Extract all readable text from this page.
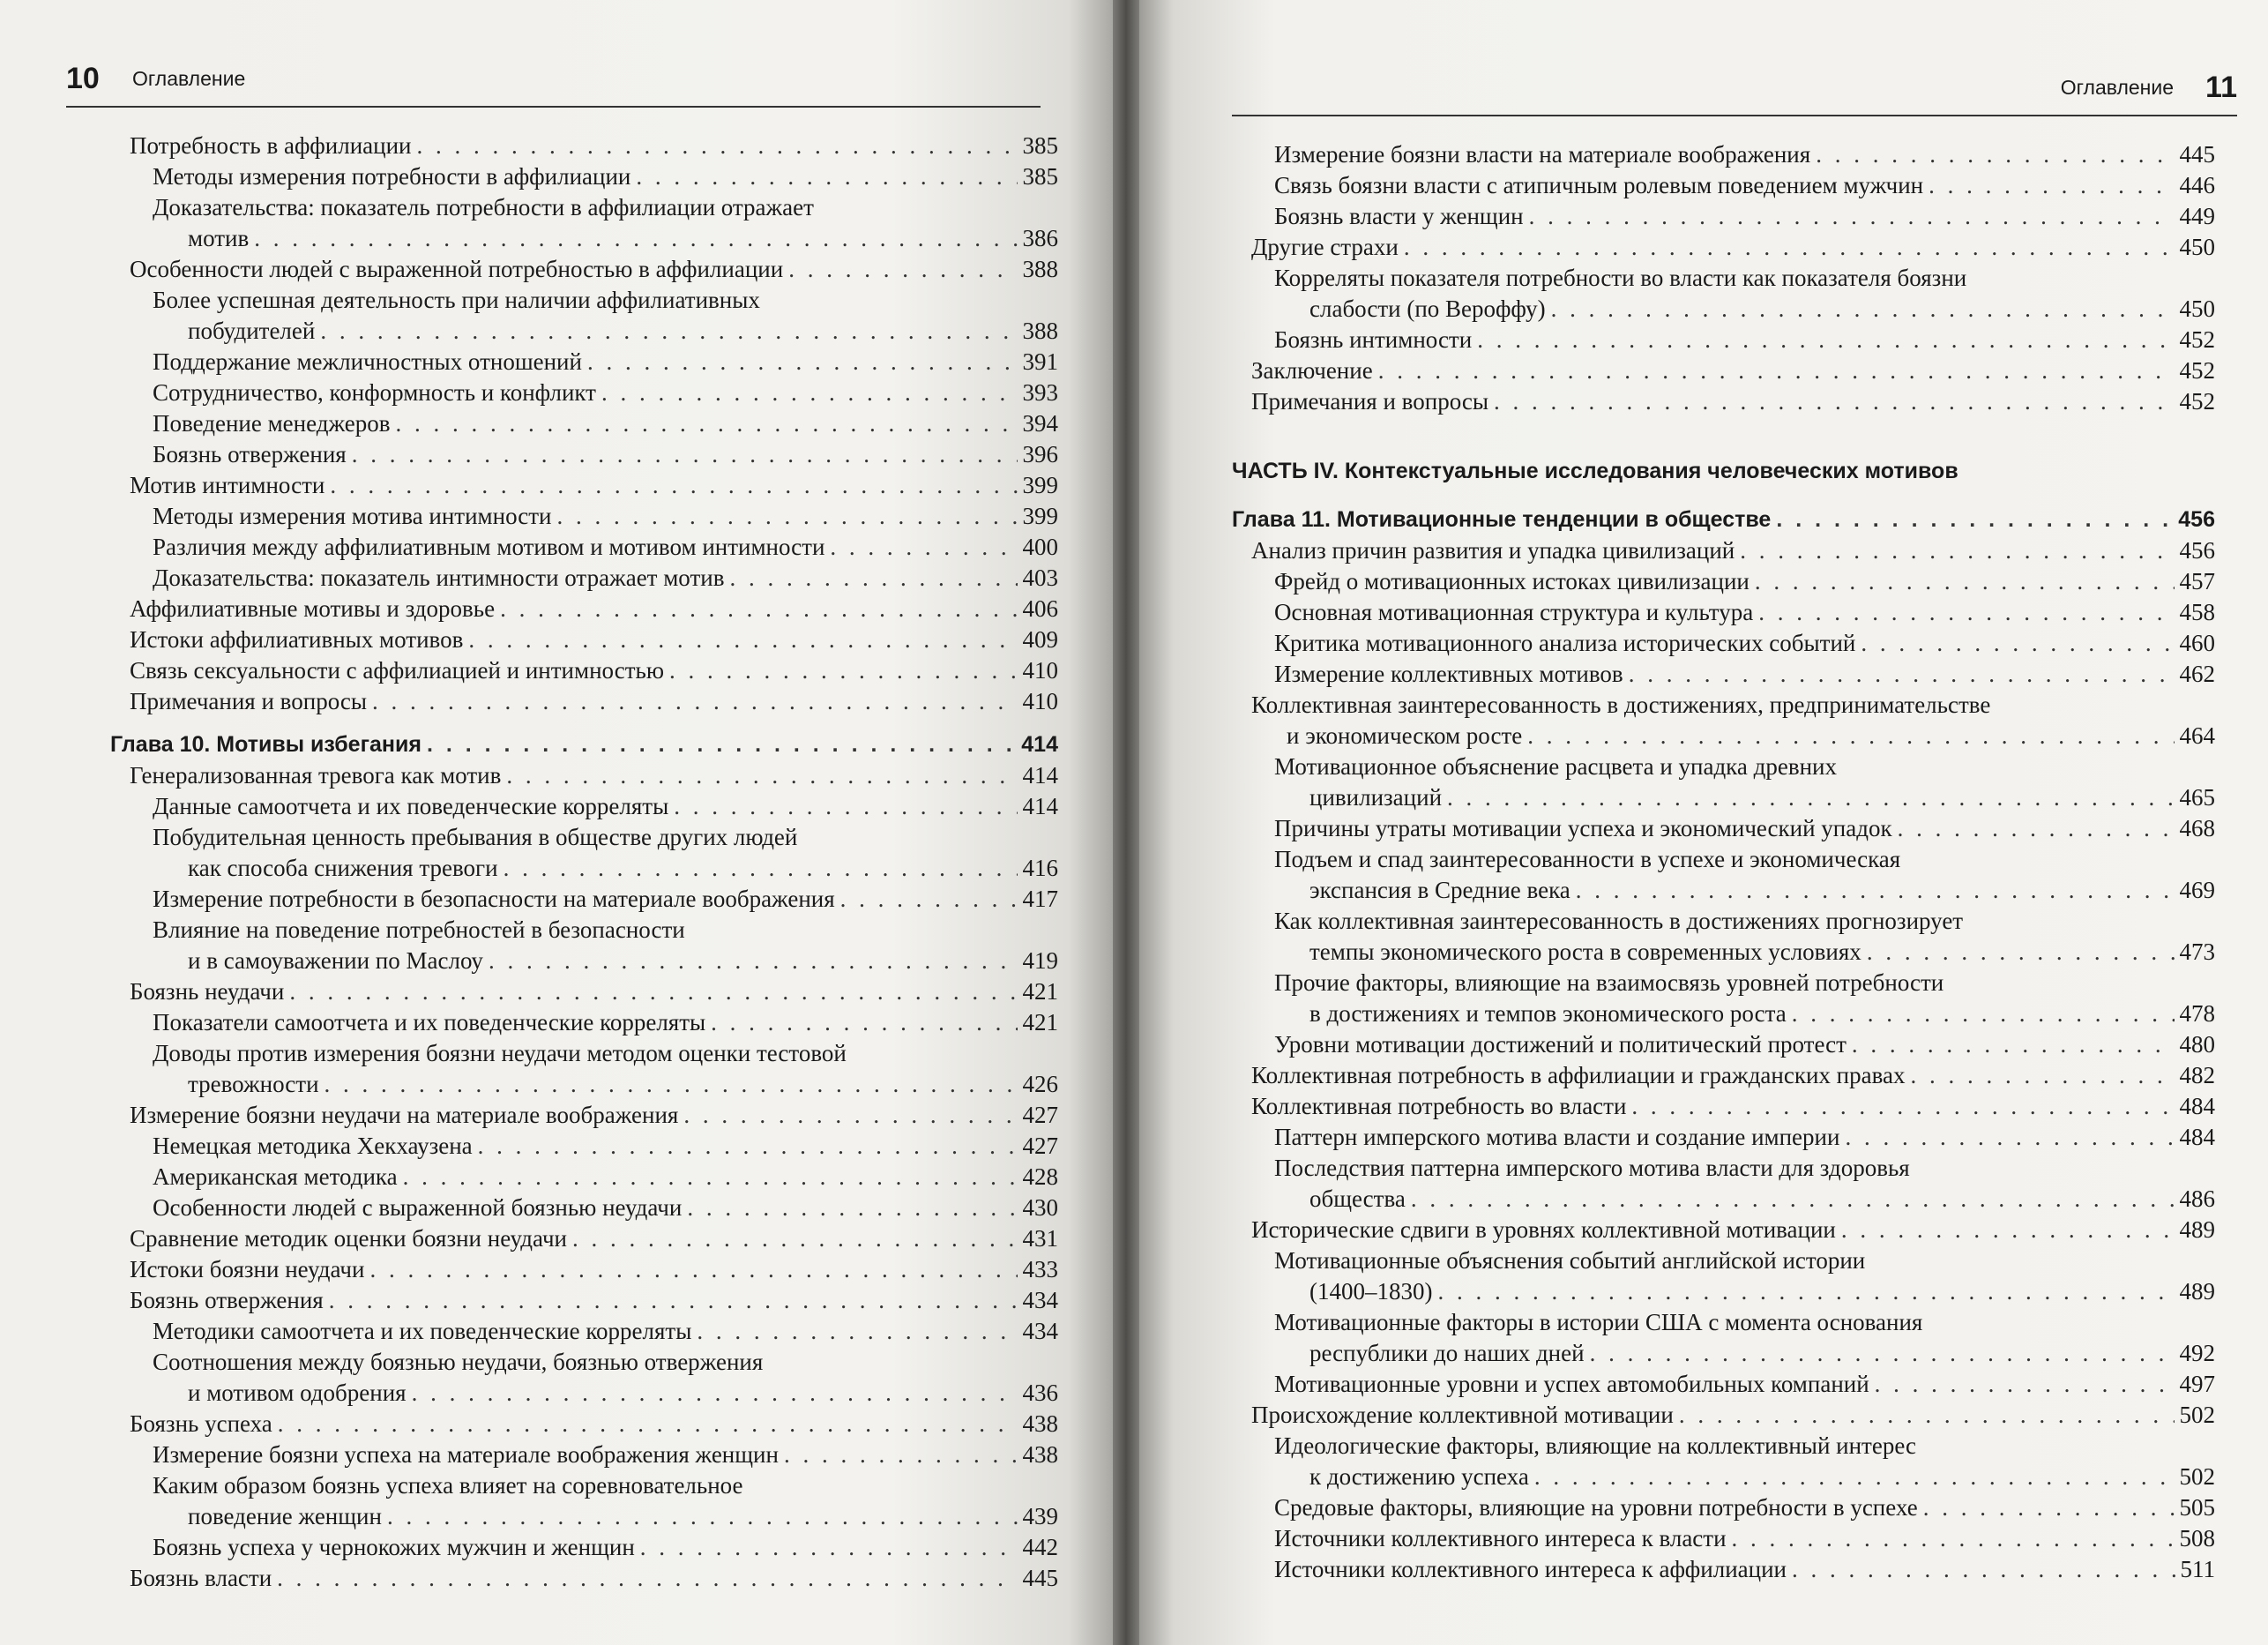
10 Оглавление
Потребность в аффилиации . . .	385
Методы измерения потребности в аффилиации . . .	385
Доказательства: показатель потребности в аффилиации отражает
мотив . . .	386
Особенности людей с выраженной потребностью в аффилиации . . .	388
Более успешная деятельность при наличии аффилиативных
побудителей . . .	388
Поддержание межличностных отношений . . .	391
Сотрудничество, конформность и конфликт . . .	393
Поведение менеджеров . . .	394
Боязнь отвержения . . .	396
Мотив интимности . . .	399
Методы измерения мотива интимности . . .	399
Различия между аффилиативным мотивом и мотивом интимности . . .	400
Доказательства: показатель интимности отражает мотив . . .	403
Аффилиативные мотивы и здоровье . . .	406
Истоки аффилиативных мотивов . . .	409
Связь сексуальности с аффилиацией и интимностью . . .	410
Примечания и вопросы . . .	410
Глава 10. Мотивы избегания . . .	414
Генерализованная тревога как мотив . . .	414
Данные самоотчета и их поведенческие корреляты . . .	414
Побудительная ценность пребывания в обществе других людей
как способа снижения тревоги . . .	416
Измерение потребности в безопасности на материале воображения . . .	417
Влияние на поведение потребностей в безопасности
и в самоуважении по Маслоу . . .	419
Боязнь неудачи . . .	421
Показатели самоотчета и их поведенческие корреляты . . .	421
Доводы против измерения боязни неудачи методом оценки тестовой
тревожности . . .	426
Измерение боязни неудачи на материале воображения . . .	427
Немецкая методика Хекхаузена . . .	427
Американская методика . . .	428
Особенности людей с выраженной боязнью неудачи . . .	430
Сравнение методик оценки боязни неудачи . . .	431
Истоки боязни неудачи . . .	433
Боязнь отвержения . . .	434
Методики самоотчета и их поведенческие корреляты . . .	434
Соотношения между боязнью неудачи, боязнью отвержения
и мотивом одобрения . . .	436
Боязнь успеха . . .	438
Измерение боязни успеха на материале воображения женщин . . .	438
Каким образом боязнь успеха влияет на соревновательное
поведение женщин . . .	439
Боязнь успеха у чернокожих мужчин и женщин . . .	442
Боязнь власти . . .	445
Оглавление 11
Измерение боязни власти на материале воображения . . .	445
Связь боязни власти с атипичным ролевым поведением мужчин . . .	446
Боязнь власти у женщин . . .	449
Другие страхи . . .	450
Корреляты показателя потребности во власти как показателя боязни
слабости (по Вероффу) . . .	450
Боязнь интимности . . .	452
Заключение . . .	452
Примечания и вопросы . . .	452
ЧАСТЬ IV. Контекстуальные исследования человеческих мотивов
Глава 11. Мотивационные тенденции в обществе . . .	456
Анализ причин развития и упадка цивилизаций . . .	456
Фрейд о мотивационных истоках цивилизации . . .	457
Основная мотивационная структура и культура . . .	458
Критика мотивационного анализа исторических событий . . .	460
Измерение коллективных мотивов . . .	462
Коллективная заинтересованность в достижениях, предпринимательстве
и экономическом росте . . .	464
Мотивационное объяснение расцвета и упадка древних
цивилизаций . . .	465
Причины утраты мотивации успеха и экономический упадок . . .	468
Подъем и спад заинтересованности в успехе и экономическая
экспансия в Средние века . . .	469
Как коллективная заинтересованность в достижениях прогнозирует
темпы экономического роста в современных условиях . . .	473
Прочие факторы, влияющие на взаимосвязь уровней потребности
в достижениях и темпов экономического роста . . .	478
Уровни мотивации достижений и политический протест . . .	480
Коллективная потребность в аффилиации и гражданских правах . . .	482
Коллективная потребность во власти . . .	484
Паттерн имперского мотива власти и создание империи . . .	484
Последствия паттерна имперского мотива власти для здоровья
общества . . .	486
Исторические сдвиги в уровнях коллективной мотивации . . .	489
Мотивационные объяснения событий английской истории
(1400–1830) . . .	489
Мотивационные факторы в истории США с момента основания
республики до наших дней . . .	492
Мотивационные уровни и успех автомобильных компаний . . .	497
Происхождение коллективной мотивации . . .	502
Идеологические факторы, влияющие на коллективный интерес
к достижению успеха . . .	502
Средовые факторы, влияющие на уровни потребности в успехе . . .	505
Источники коллективного интереса к власти . . .	508
Источники коллективного интереса к аффилиации . . .	511
